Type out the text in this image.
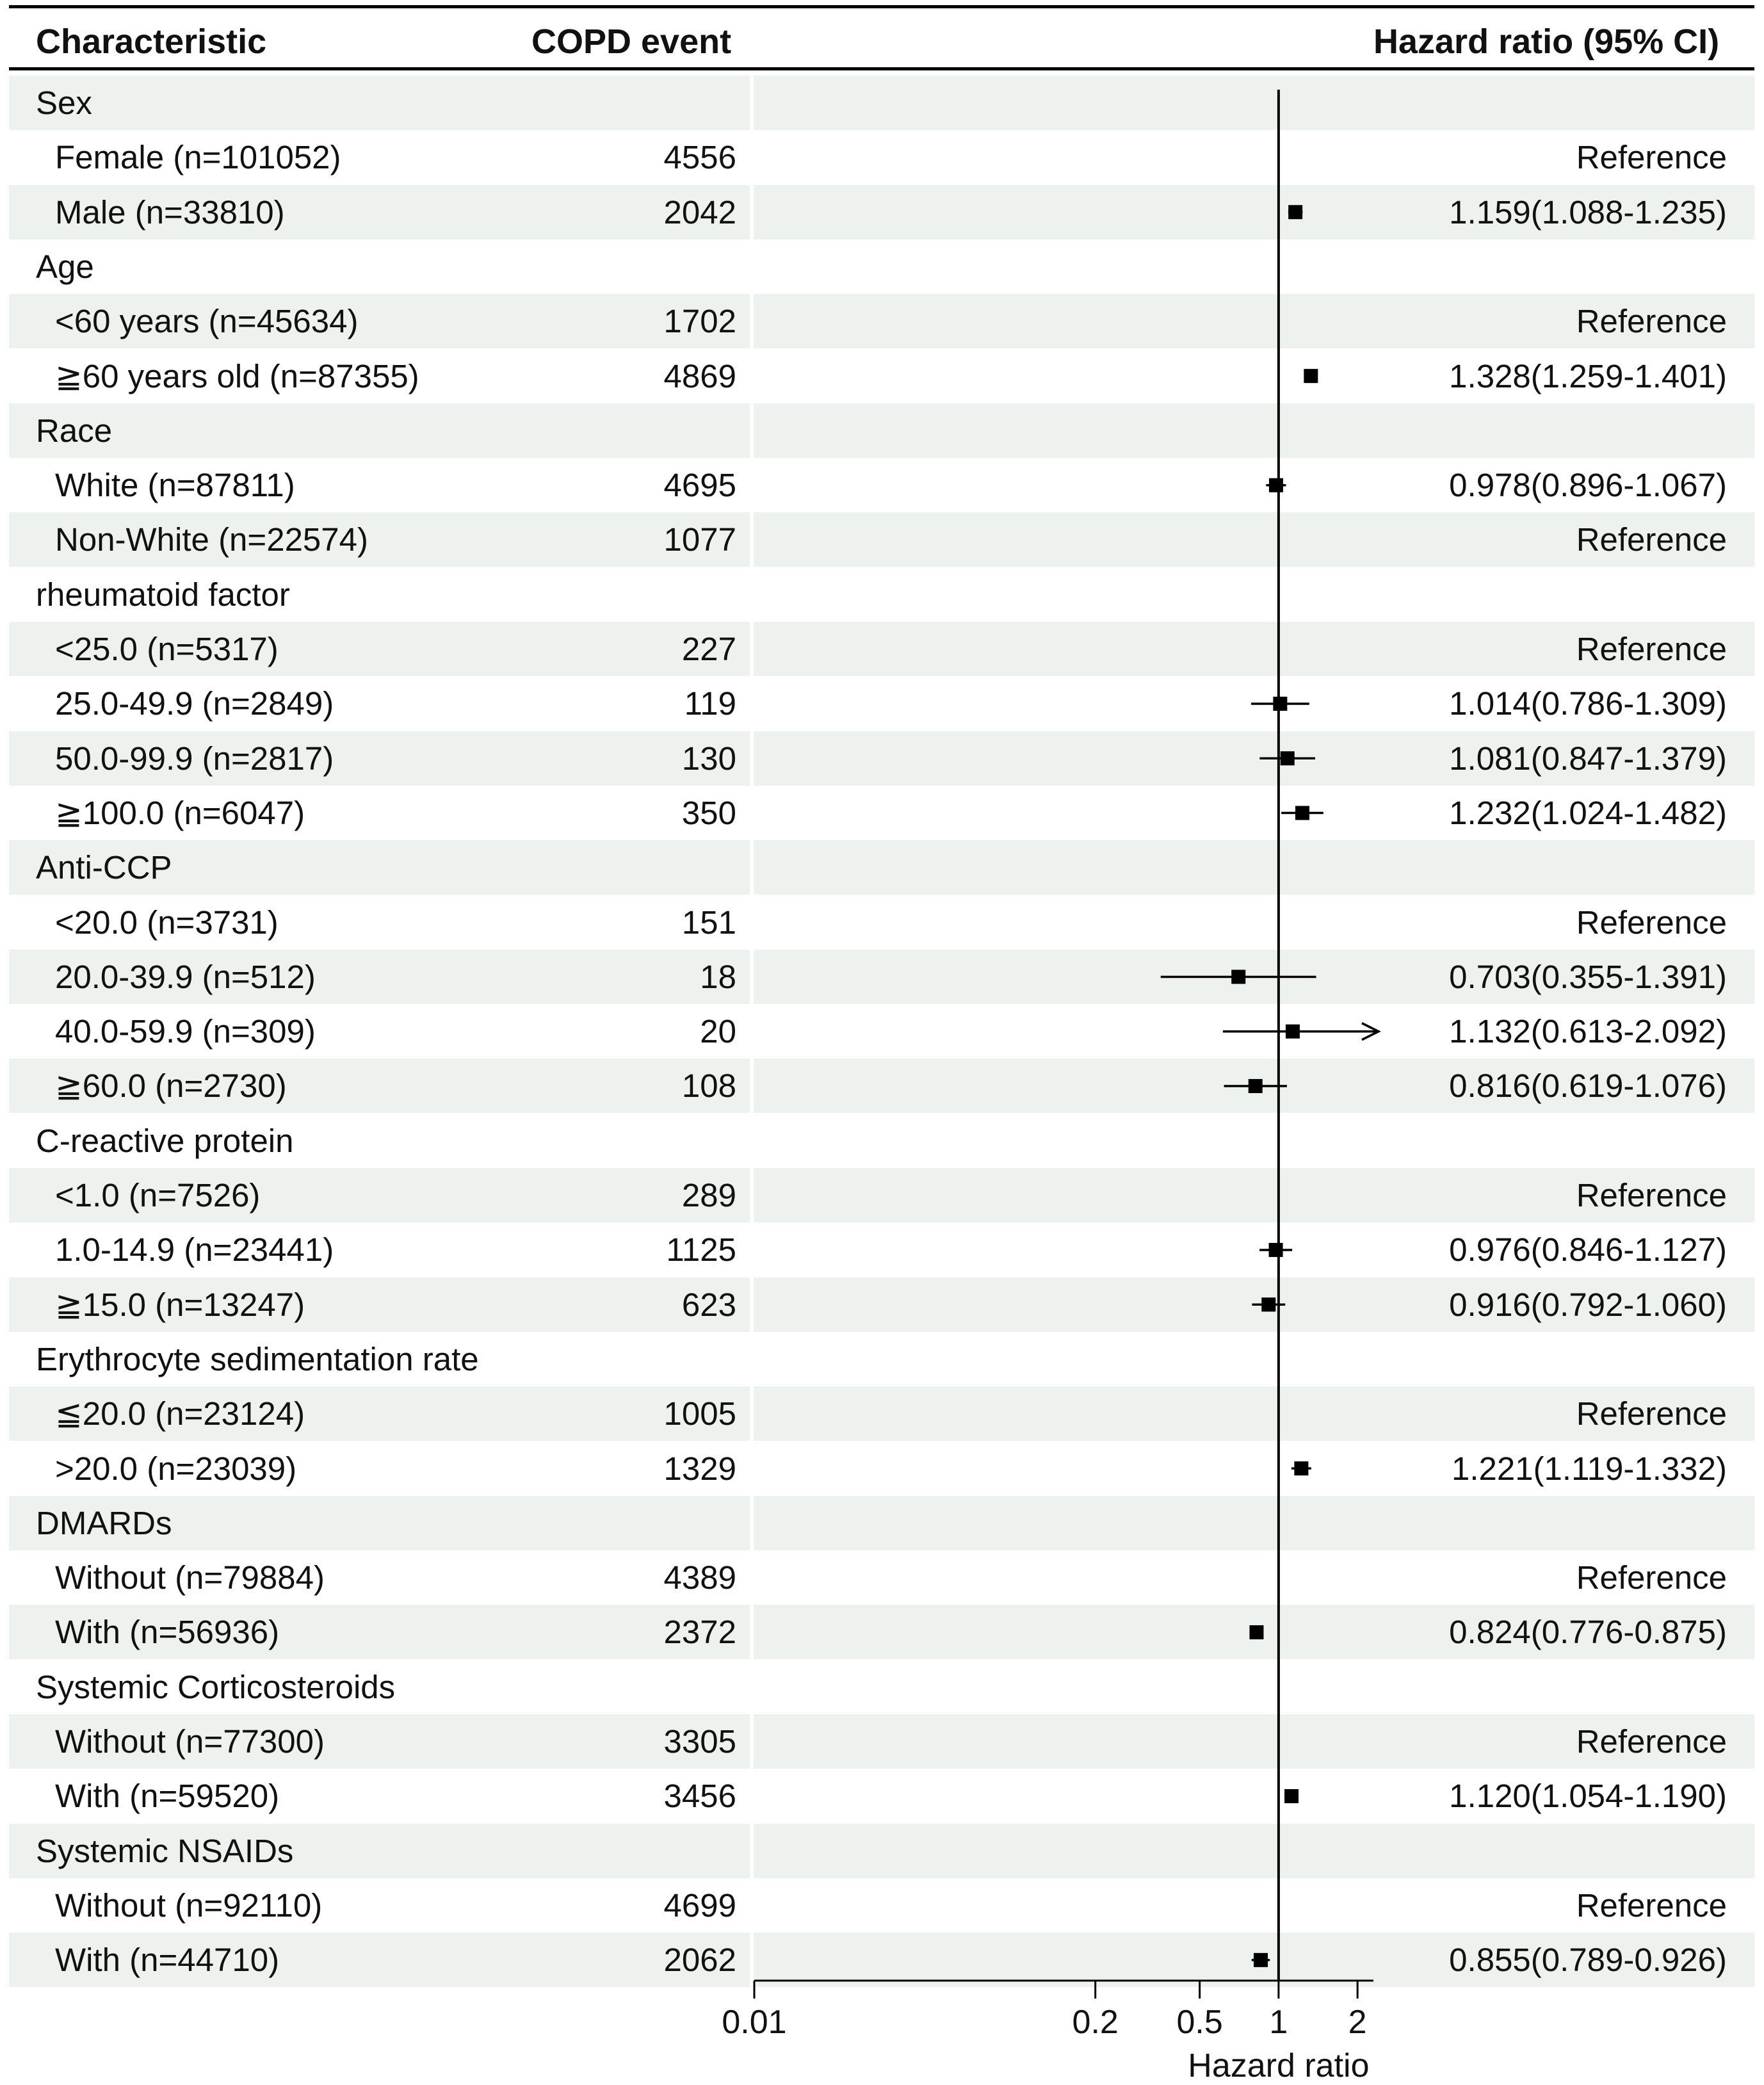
Characteristic	COPD event	Hazard ratio (95% CI)
Sex
Female (n=101052)	4556	Reference
Male (n=33810)	2042	1.159(1.088-1.235)
Age
<60 years (n=45634)	1702	Reference
≧60 years old (n=87355)	4869	1.328(1.259-1.401)
Race
White (n=87811)	4695	0.978(0.896-1.067)
Non-White (n=22574)	1077	Reference
rheumatoid factor
<25.0 (n=5317)	227	Reference
25.0-49.9 (n=2849)	119	1.014(0.786-1.309)
50.0-99.9 (n=2817)	130	1.081(0.847-1.379)
≧100.0 (n=6047)	350	1.232(1.024-1.482)
Anti-CCP
<20.0 (n=3731)	151	Reference
20.0-39.9 (n=512)	18	0.703(0.355-1.391)
40.0-59.9 (n=309)	20	1.132(0.613-2.092)
≧60.0 (n=2730)	108	0.816(0.619-1.076)
C-reactive protein
<1.0 (n=7526)	289	Reference
1.0-14.9 (n=23441)	1125	0.976(0.846-1.127)
≧15.0 (n=13247)	623	0.916(0.792-1.060)
Erythrocyte sedimentation rate
≦20.0 (n=23124)	1005	Reference
>20.0 (n=23039)	1329	1.221(1.119-1.332)
DMARDs
Without (n=79884)	4389	Reference
With (n=56936)	2372	0.824(0.776-0.875)
Systemic Corticosteroids
Without (n=77300)	3305	Reference
With (n=59520)	3456	1.120(1.054-1.190)
Systemic NSAIDs
Without (n=92110)	4699	Reference
With (n=44710)	2062	0.855(0.789-0.926)
0.01	0.2 0.5 1 2
Hazard ratio
